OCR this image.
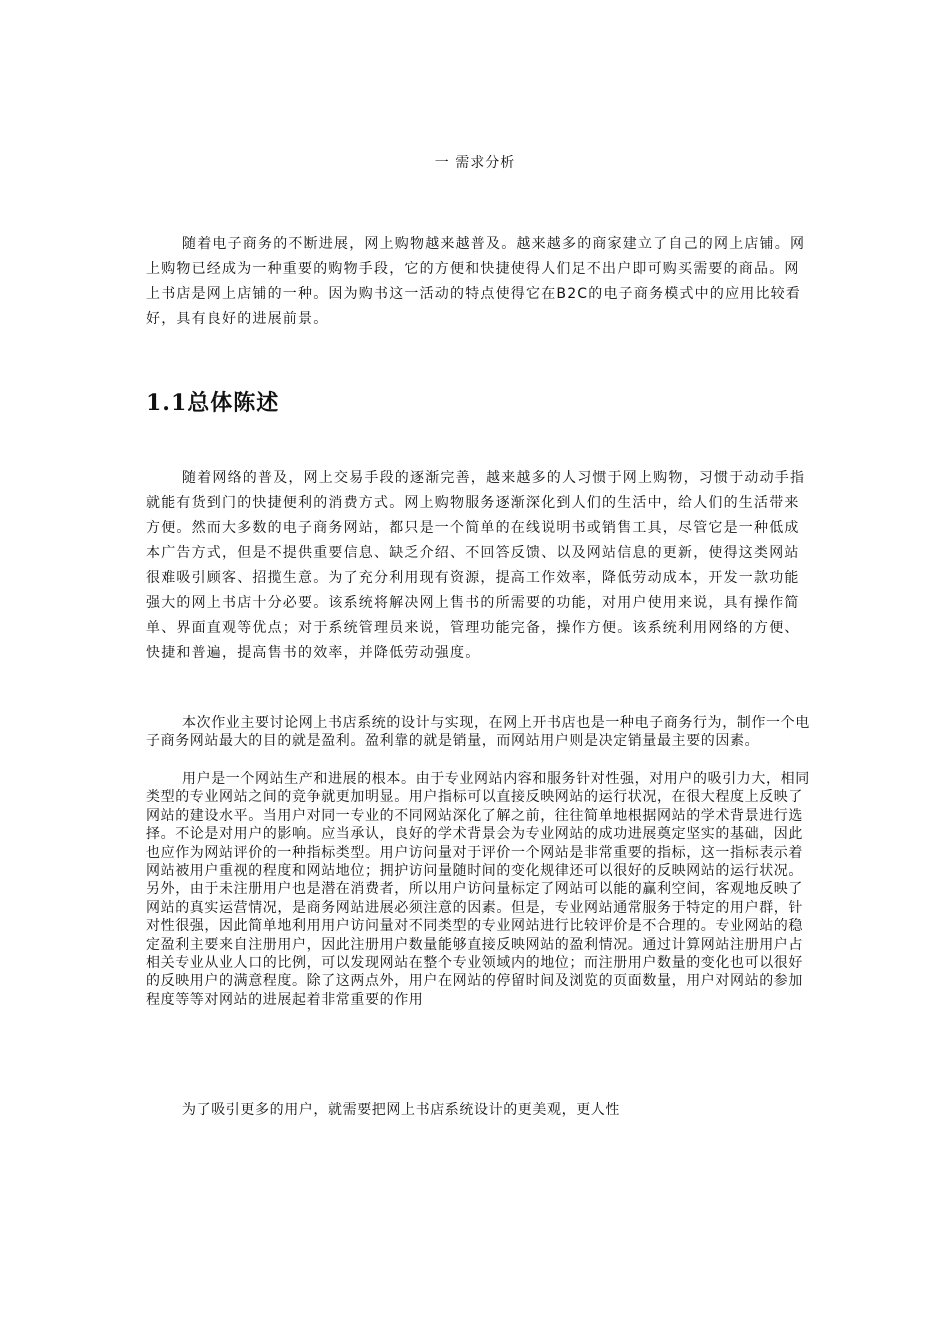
一 需求分析

随着电子商务的不断进展，网上购物越来越普及。越来越多的商家建立了自己的网上店铺。网上购物已经成为一种重要的购物手段，它的方便和快捷使得人们足不出户即可购买需要的商品。网上书店是网上店铺的一种。因为购书这一活动的特点使得它在B2C的电子商务模式中的应用比较看好，具有良好的进展前景。

1.1总体陈述

随着网络的普及，网上交易手段的逐渐完善，越来越多的人习惯于网上购物，习惯于动动手指就能有货到门的快捷便利的消费方式。网上购物服务逐渐深化到人们的生活中，给人们的生活带来方便。然而大多数的电子商务网站，都只是一个简单的在线说明书或销售工具，尽管它是一种低成本广告方式，但是不提供重要信息、缺乏介绍、不回答反馈、以及网站信息的更新，使得这类网站很难吸引顾客、招揽生意。为了充分利用现有资源，提高工作效率，降低劳动成本，开发一款功能强大的网上书店十分必要。该系统将解决网上售书的所需要的功能，对用户使用来说，具有操作简单、界面直观等优点；对于系统管理员来说，管理功能完备，操作方便。该系统利用网络的方便、快捷和普遍，提高售书的效率，并降低劳动强度。

本次作业主要讨论网上书店系统的设计与实现，在网上开书店也是一种电子商务行为，制作一个电子商务网站最大的目的就是盈利。盈利靠的就是销量，而网站用户则是决定销量最主要的因素。

用户是一个网站生产和进展的根本。由于专业网站内容和服务针对性强，对用户的吸引力大，相同类型的专业网站之间的竞争就更加明显。用户指标可以直接反映网站的运行状况，在很大程度上反映了网站的建设水平。当用户对同一专业的不同网站深化了解之前，往往简单地根据网站的学术背景进行选择。不论是对用户的影响。应当承认，良好的学术背景会为专业网站的成功进展奠定坚实的基础，因此也应作为网站评价的一种指标类型。用户访问量对于评价一个网站是非常重要的指标，这一指标表示着网站被用户重视的程度和网站地位；拥护访问量随时间的变化规律还可以很好的反映网站的运行状况。另外，由于未注册用户也是潜在消费者，所以用户访问量标定了网站可以能的赢利空间，客观地反映了网站的真实运营情况，是商务网站进展必须注意的因素。但是，专业网站通常服务于特定的用户群，针对性很强，因此简单地利用用户访问量对不同类型的专业网站进行比较评价是不合理的。专业网站的稳定盈利主要来自注册用户，因此注册用户数量能够直接反映网站的盈利情况。通过计算网站注册用户占相关专业从业人口的比例，可以发现网站在整个专业领域内的地位；而注册用户数量的变化也可以很好的反映用户的满意程度。除了这两点外，用户在网站的停留时间及浏览的页面数量，用户对网站的参加程度等等对网站的进展起着非常重要的作用

为了吸引更多的用户，就需要把网上书店系统设计的更美观，更人性
